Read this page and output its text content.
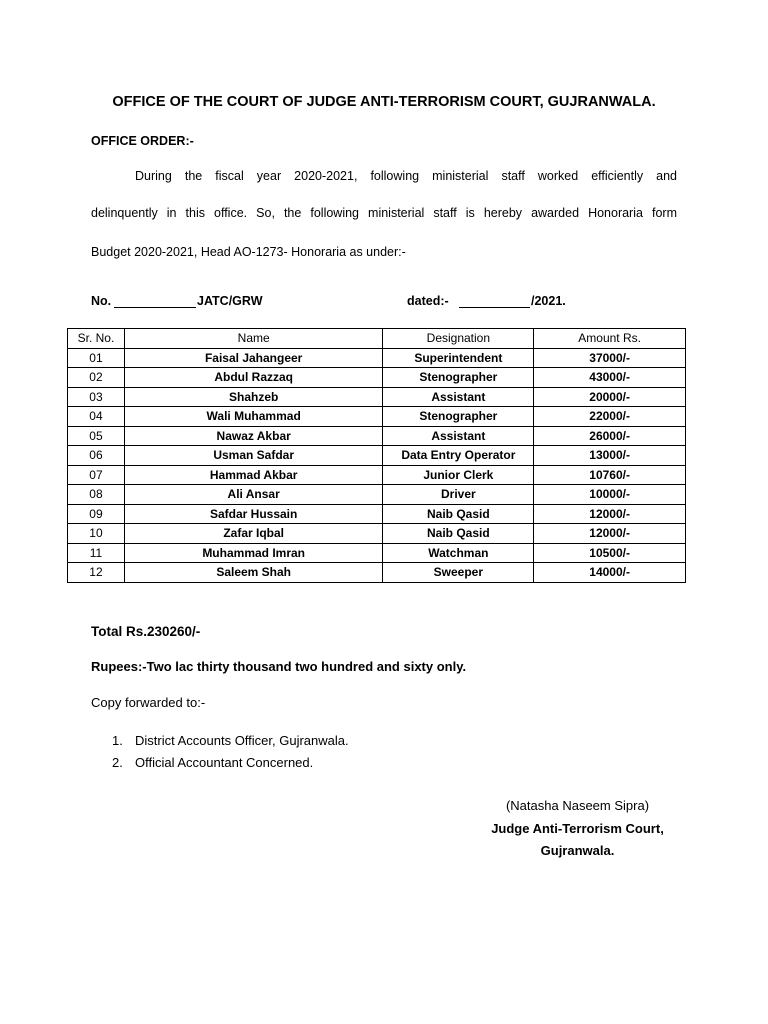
OFFICE OF THE COURT OF JUDGE ANTI-TERRORISM COURT, GUJRANWALA.
OFFICE ORDER:-
During the fiscal year 2020-2021, following ministerial staff worked efficiently and
delinquently in this office. So, the following ministerial staff is hereby awarded Honoraria form
Budget 2020-2021, Head AO-1273- Honoraria as under:-
No.	JATC/GRW	dated:-	/2021.
Sr. No.	Name	Designation	Amount Rs.
01	Faisal Jahangeer	Superintendent	37000/-
02	Abdul Razzaq	Stenographer	43000/-
03	Shahzeb	Assistant	20000/-
04	Wali Muhammad	Stenographer	22000/-
05	Nawaz Akbar	Assistant	26000/-
06	Usman Safdar	Data Entry Operator	13000/-
07	Hammad Akbar	Junior Clerk	10760/-
08	Ali Ansar	Driver	10000/-
09	Safdar Hussain	Naib Qasid	12000/-
10	Zafar Iqbal	Naib Qasid	12000/-
11	Muhammad Imran	Watchman	10500/-
12	Saleem Shah	Sweeper	14000/-
Total Rs.230260/-
Rupees:-Two lac thirty thousand two hundred and sixty only.
Copy forwarded to:-
1. District Accounts Officer, Gujranwala.
2. Official Accountant Concerned.
(Natasha Naseem Sipra)
Judge Anti-Terrorism Court,
Gujranwala.
